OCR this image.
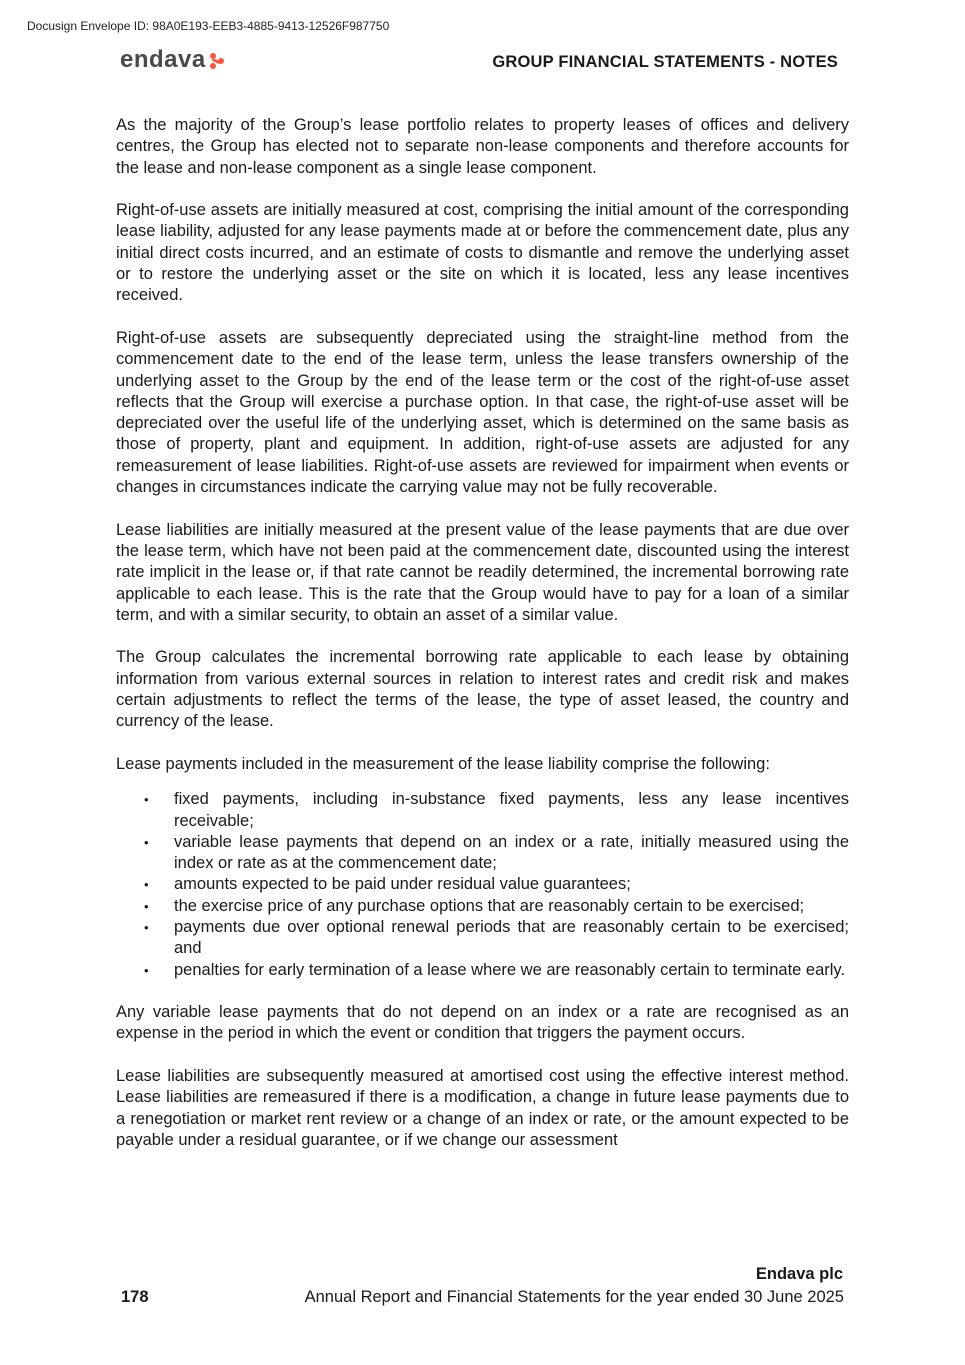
Docusign Envelope ID: 98A0E193-EEB3-4885-9413-12526F987750
endava	GROUP FINANCIAL STATEMENTS - NOTES

As the majority of the Group’s lease portfolio relates to property leases of offices and delivery centres, the Group has elected not to separate non-lease components and therefore accounts for the lease and non-lease component as a single lease component.

Right-of-use assets are initially measured at cost, comprising the initial amount of the corresponding lease liability, adjusted for any lease payments made at or before the commencement date, plus any initial direct costs incurred, and an estimate of costs to dismantle and remove the underlying asset or to restore the underlying asset or the site on which it is located, less any lease incentives received.

Right-of-use assets are subsequently depreciated using the straight-line method from the commencement date to the end of the lease term, unless the lease transfers ownership of the underlying asset to the Group by the end of the lease term or the cost of the right-of-use asset reflects that the Group will exercise a purchase option. In that case, the right-of-use asset will be depreciated over the useful life of the underlying asset, which is determined on the same basis as those of property, plant and equipment. In addition, right-of-use assets are adjusted for any remeasurement of lease liabilities. Right-of-use assets are reviewed for impairment when events or changes in circumstances indicate the carrying value may not be fully recoverable.

Lease liabilities are initially measured at the present value of the lease payments that are due over the lease term, which have not been paid at the commencement date, discounted using the interest rate implicit in the lease or, if that rate cannot be readily determined, the incremental borrowing rate applicable to each lease. This is the rate that the Group would have to pay for a loan of a similar term, and with a similar security, to obtain an asset of a similar value.

The Group calculates the incremental borrowing rate applicable to each lease by obtaining information from various external sources in relation to interest rates and credit risk and makes certain adjustments to reflect the terms of the lease, the type of asset leased, the country and currency of the lease.

Lease payments included in the measurement of the lease liability comprise the following:

• fixed payments, including in-substance fixed payments, less any lease incentives receivable;
• variable lease payments that depend on an index or a rate, initially measured using the index or rate as at the commencement date;
• amounts expected to be paid under residual value guarantees;
• the exercise price of any purchase options that are reasonably certain to be exercised;
• payments due over optional renewal periods that are reasonably certain to be exercised; and
• penalties for early termination of a lease where we are reasonably certain to terminate early.

Any variable lease payments that do not depend on an index or a rate are recognised as an expense in the period in which the event or condition that triggers the payment occurs.

Lease liabilities are subsequently measured at amortised cost using the effective interest method. Lease liabilities are remeasured if there is a modification, a change in future lease payments due to a renegotiation or market rent review or a change of an index or rate, or the amount expected to be payable under a residual guarantee, or if we change our assessment

Endava plc
178	Annual Report and Financial Statements for the year ended 30 June 2025
